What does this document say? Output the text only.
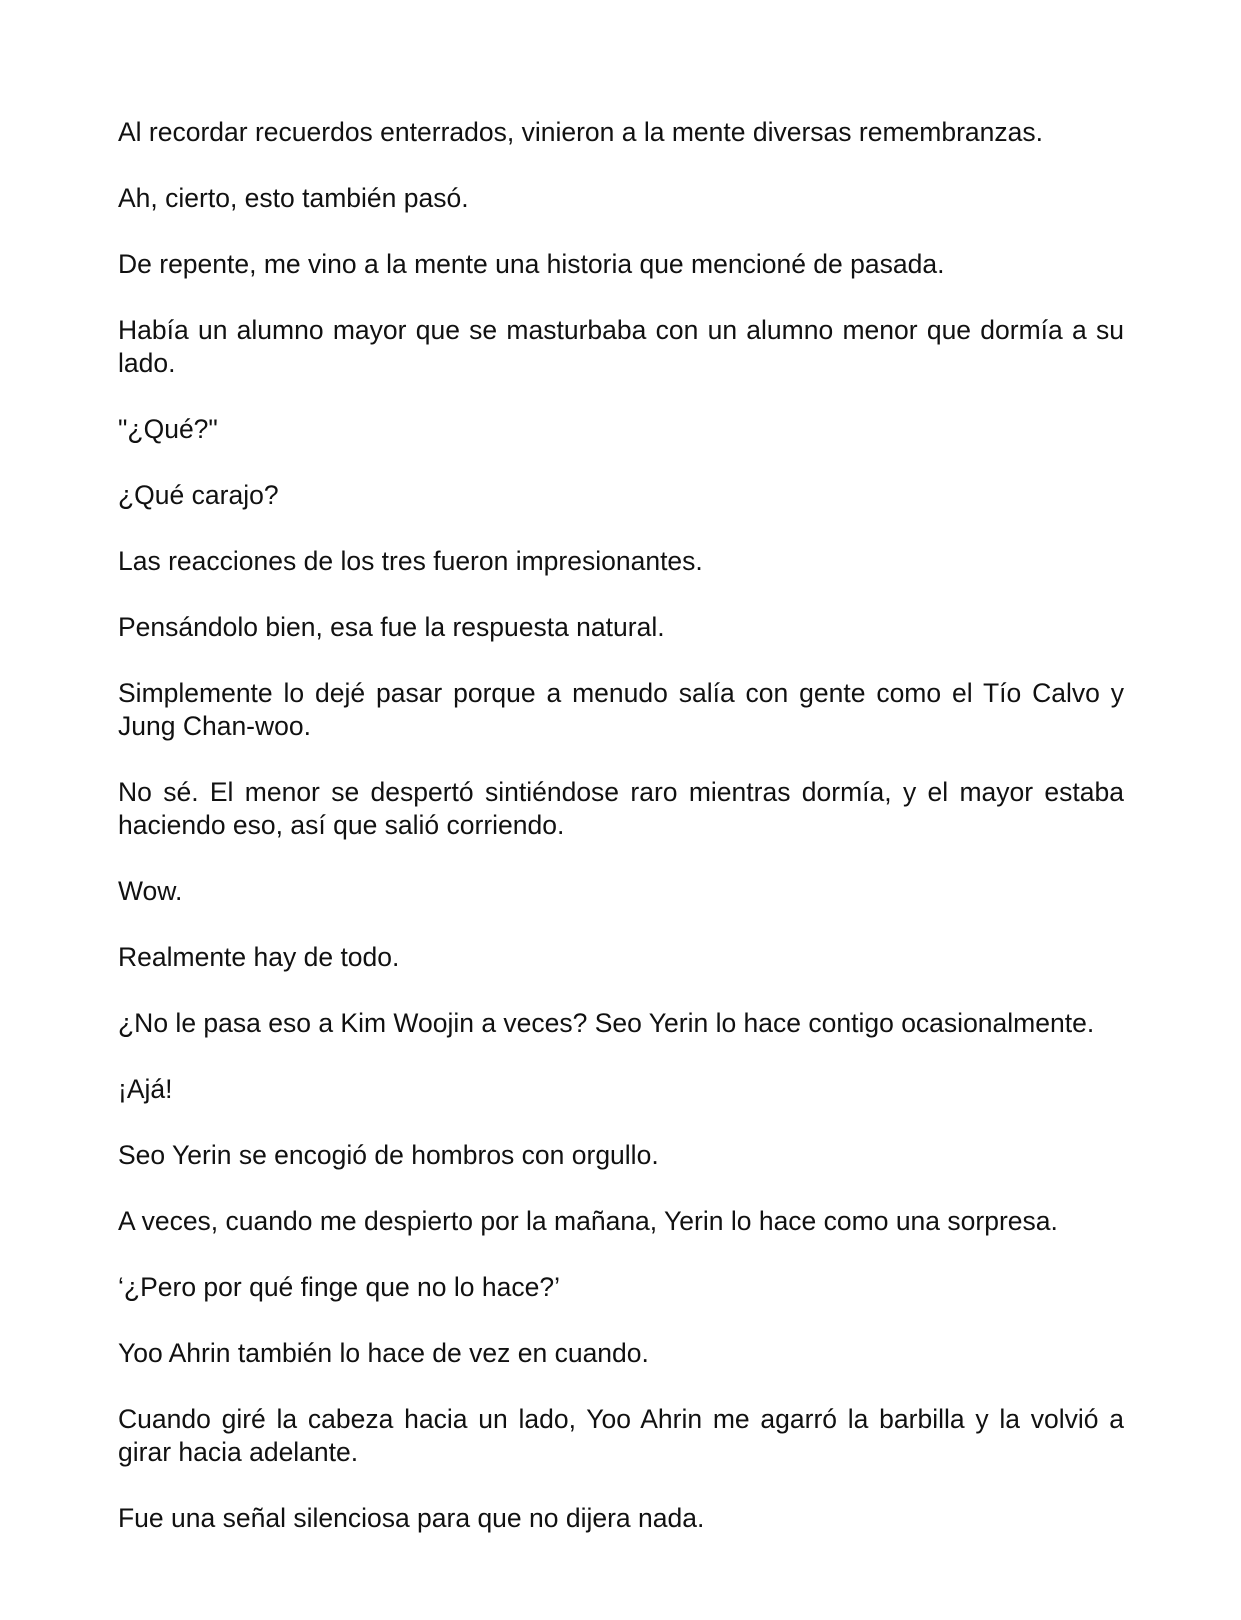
Al recordar recuerdos enterrados, vinieron a la mente diversas remembranzas.

Ah, cierto, esto también pasó.

De repente, me vino a la mente una historia que mencioné de pasada.

Había un alumno mayor que se masturbaba con un alumno menor que dormía a su lado.

"¿Qué?"

¿Qué carajo?

Las reacciones de los tres fueron impresionantes.

Pensándolo bien, esa fue la respuesta natural.

Simplemente lo dejé pasar porque a menudo salía con gente como el Tío Calvo y Jung Chan-woo.

No sé. El menor se despertó sintiéndose raro mientras dormía, y el mayor estaba haciendo eso, así que salió corriendo.

Wow.

Realmente hay de todo.

¿No le pasa eso a Kim Woojin a veces? Seo Yerin lo hace contigo ocasionalmente.

¡Ajá!

Seo Yerin se encogió de hombros con orgullo.

A veces, cuando me despierto por la mañana, Yerin lo hace como una sorpresa.

‘¿Pero por qué finge que no lo hace?’

Yoo Ahrin también lo hace de vez en cuando.

Cuando giré la cabeza hacia un lado, Yoo Ahrin me agarró la barbilla y la volvió a girar hacia adelante.

Fue una señal silenciosa para que no dijera nada.
